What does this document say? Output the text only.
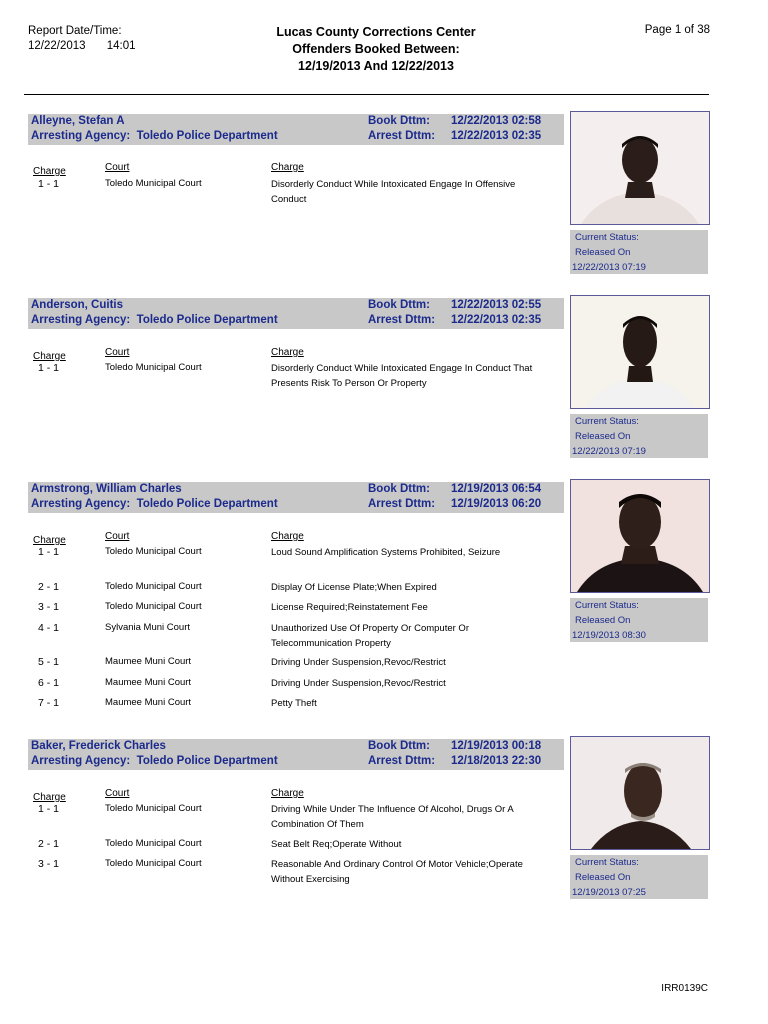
Report Date/Time:
12/22/2013 14:01
Lucas County Corrections Center
Offenders Booked Between:
12/19/2013 And 12/22/2013
Page 1 of 38
Alleyne, Stefan A
Arresting Agency: Toledo Police Department
Book Dttm:	12/22/2013 02:58
Arrest Dttm:	12/22/2013 02:35
Charge	Court	Charge
1 - 1	Toledo Municipal Court	Disorderly Conduct While Intoxicated Engage In Offensive Conduct
Current Status:
Released On
12/22/2013 07:19
Anderson, Cuitis
Arresting Agency: Toledo Police Department
Book Dttm:	12/22/2013 02:55
Arrest Dttm:	12/22/2013 02:35
Charge	Court	Charge
1 - 1	Toledo Municipal Court	Disorderly Conduct While Intoxicated Engage In Conduct That Presents Risk To Person Or Property
Current Status:
Released On
12/22/2013 07:19
Armstrong, William Charles
Arresting Agency: Toledo Police Department
Book Dttm:	12/19/2013 06:54
Arrest Dttm:	12/19/2013 06:20
Charge	Court	Charge
1 - 1	Toledo Municipal Court	Loud Sound Amplification Systems Prohibited, Seizure
2 - 1	Toledo Municipal Court	Display Of License Plate;When Expired
3 - 1	Toledo Municipal Court	License Required;Reinstatement Fee
4 - 1	Sylvania Muni Court	Unauthorized Use Of Property Or Computer Or Telecommunication Property
5 - 1	Maumee Muni Court	Driving Under Suspension,Revoc/Restrict
6 - 1	Maumee Muni Court	Driving Under Suspension,Revoc/Restrict
7 - 1	Maumee Muni Court	Petty Theft
Current Status:
Released On
12/19/2013 08:30
Baker, Frederick Charles
Arresting Agency: Toledo Police Department
Book Dttm:	12/19/2013 00:18
Arrest Dttm:	12/18/2013 22:30
Charge	Court	Charge
1 - 1	Toledo Municipal Court	Driving While Under The Influence Of Alcohol, Drugs Or A Combination Of Them
2 - 1	Toledo Municipal Court	Seat Belt Req;Operate Without
3 - 1	Toledo Municipal Court	Reasonable And Ordinary Control Of Motor Vehicle;Operate Without Exercising
Current Status:
Released On
12/19/2013 07:25
IRR0139C
